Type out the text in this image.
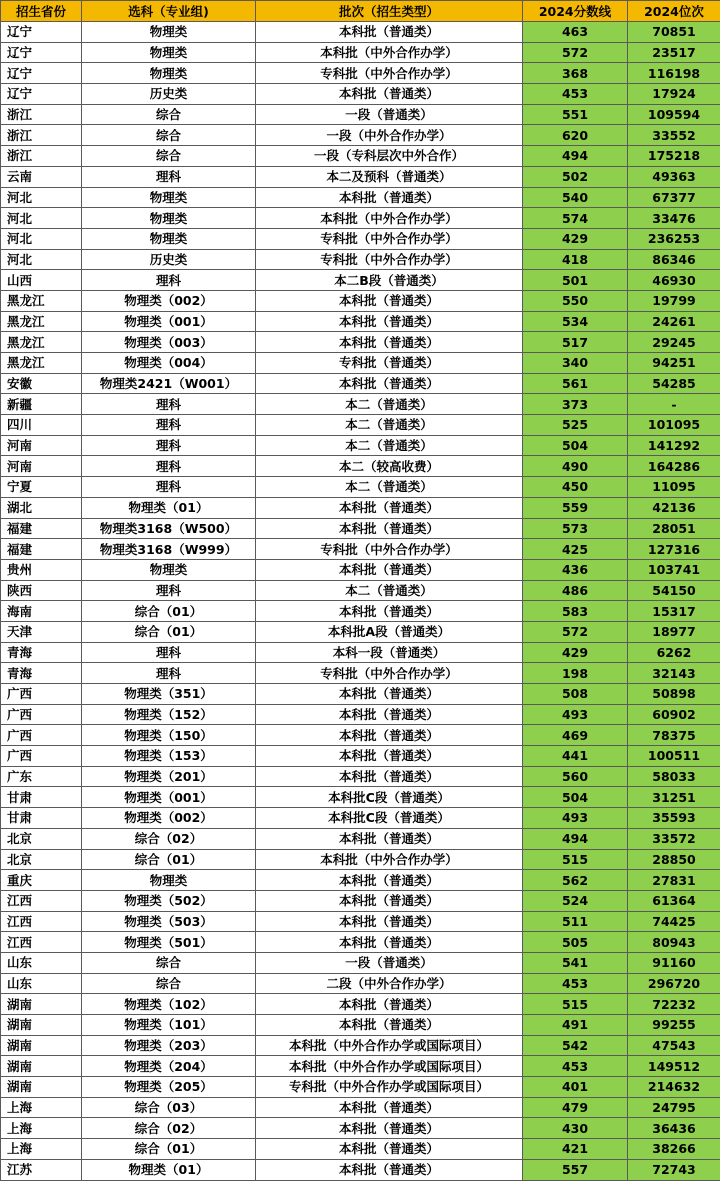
招生省份	选科（专业组)	批次（招生类型）	2024分数线	2024位次
辽宁	物理类	本科批（普通类）	463	70851
辽宁	物理类	本科批（中外合作办学）	572	23517
辽宁	物理类	专科批（中外合作办学）	368	116198
辽宁	历史类	本科批（普通类）	453	17924
浙江	综合	一段（普通类）	551	109594
浙江	综合	一段（中外合作办学）	620	33552
浙江	综合	一段（专科层次中外合作）	494	175218
云南	理科	本二及预科（普通类）	502	49363
河北	物理类	本科批（普通类）	540	67377
河北	物理类	本科批（中外合作办学）	574	33476
河北	物理类	专科批（中外合作办学）	429	236253
河北	历史类	专科批（中外合作办学）	418	86346
山西	理科	本二B段（普通类）	501	46930
黑龙江	物理类（002）	本科批（普通类）	550	19799
黑龙江	物理类（001）	本科批（普通类）	534	24261
黑龙江	物理类（003）	本科批（普通类）	517	29245
黑龙江	物理类（004）	专科批（普通类）	340	94251
安徽	物理类2421（W001）	本科批（普通类）	561	54285
新疆	理科	本二（普通类）	373	-
四川	理科	本二（普通类）	525	101095
河南	理科	本二（普通类）	504	141292
河南	理科	本二（较高收费）	490	164286
宁夏	理科	本二（普通类）	450	11095
湖北	物理类（01）	本科批（普通类）	559	42136
福建	物理类3168（W500）	本科批（普通类）	573	28051
福建	物理类3168（W999）	专科批（中外合作办学）	425	127316
贵州	物理类	本科批（普通类）	436	103741
陕西	理科	本二（普通类）	486	54150
海南	综合（01）	本科批（普通类）	583	15317
天津	综合（01）	本科批A段（普通类）	572	18977
青海	理科	本科一段（普通类）	429	6262
青海	理科	专科批（中外合作办学）	198	32143
广西	物理类（351）	本科批（普通类）	508	50898
广西	物理类（152）	本科批（普通类）	493	60902
广西	物理类（150）	本科批（普通类）	469	78375
广西	物理类（153）	本科批（普通类）	441	100511
广东	物理类（201）	本科批（普通类）	560	58033
甘肃	物理类（001）	本科批C段（普通类）	504	31251
甘肃	物理类（002）	本科批C段（普通类）	493	35593
北京	综合（02）	本科批（普通类）	494	33572
北京	综合（01）	本科批（中外合作办学）	515	28850
重庆	物理类	本科批（普通类）	562	27831
江西	物理类（502）	本科批（普通类）	524	61364
江西	物理类（503）	本科批（普通类）	511	74425
江西	物理类（501）	本科批（普通类）	505	80943
山东	综合	一段（普通类）	541	91160
山东	综合	二段（中外合作办学）	453	296720
湖南	物理类（102）	本科批（普通类）	515	72232
湖南	物理类（101）	本科批（普通类）	491	99255
湖南	物理类（203）	本科批（中外合作办学或国际项目）	542	47543
湖南	物理类（204）	本科批（中外合作办学或国际项目）	453	149512
湖南	物理类（205）	专科批（中外合作办学或国际项目）	401	214632
上海	综合（03）	本科批（普通类）	479	24795
上海	综合（02）	本科批（普通类）	430	36436
上海	综合（01）	本科批（普通类）	421	38266
江苏	物理类（01）	本科批（普通类）	557	72743
